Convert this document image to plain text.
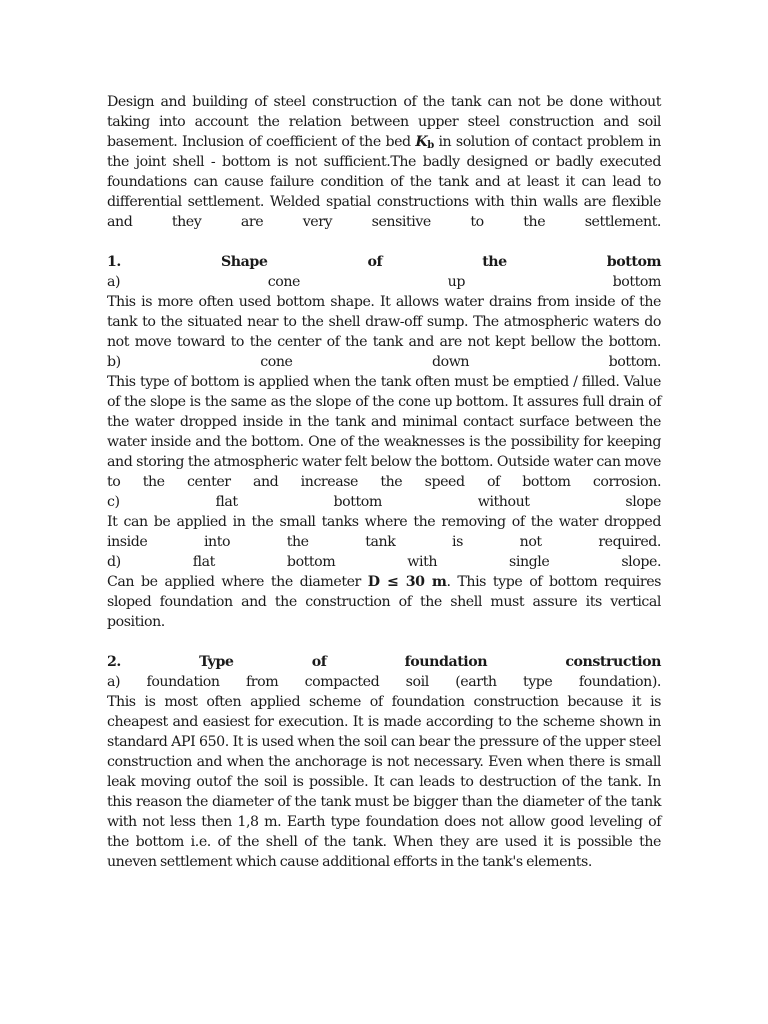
Design and building of steel construction of the tank can not be done without
taking into account the relation between upper steel construction and soil
basement. Inclusion of coefficient of the bed $K_b$ in solution of contact problem in
the joint shell - bottom is not sufficient.The badly designed or badly executed
foundations can cause failure condition of the tank and at least it can lead to
differential settlement. Welded spatial constructions with thin walls are flexible
and they are very sensitive to the settlement.
1.	Shape	of	the	bottom
a) cone up bottom
This is more often used bottom shape. It allows water drains from inside of the
tank to the situated near to the shell draw-off sump. The atmospheric waters do
not move toward to the center of the tank and are not kept bellow the bottom.
b) cone down bottom.
This type of bottom is applied when the tank often must be emptied / filled. Value
of the slope is the same as the slope of the cone up bottom. It assures full drain of
the water dropped inside in the tank and minimal contact surface between the
water inside and the bottom. One of the weaknesses is the possibility for keeping
and storing the atmospheric water felt below the bottom. Outside water can move
to the center and increase the speed of bottom corrosion.
c) flat bottom without slope
It can be applied in the small tanks where the removing of the water dropped
inside into the tank is not required.
d) flat bottom with single slope.
Can be applied where the diameter D ≤ 30 m. This type of bottom requires
sloped foundation and the construction of the shell must assure its vertical
position.
2.	Type	of	foundation	construction
a) foundation from compacted soil (earth type foundation).
This is most often applied scheme of foundation construction because it is
cheapest and easiest for execution. It is made according to the scheme shown in
standard API 650. It is used when the soil can bear the pressure of the upper steel
construction and when the anchorage is not necessary. Even when there is small
leak moving outof the soil is possible. It can leads to destruction of the tank. In
this reason the diameter of the tank must be bigger than the diameter of the tank
with not less then 1,8 m. Earth type foundation does not allow good leveling of
the bottom i.e. of the shell of the tank. When they are used it is possible the
uneven settlement which cause additional efforts in the tank's elements.
